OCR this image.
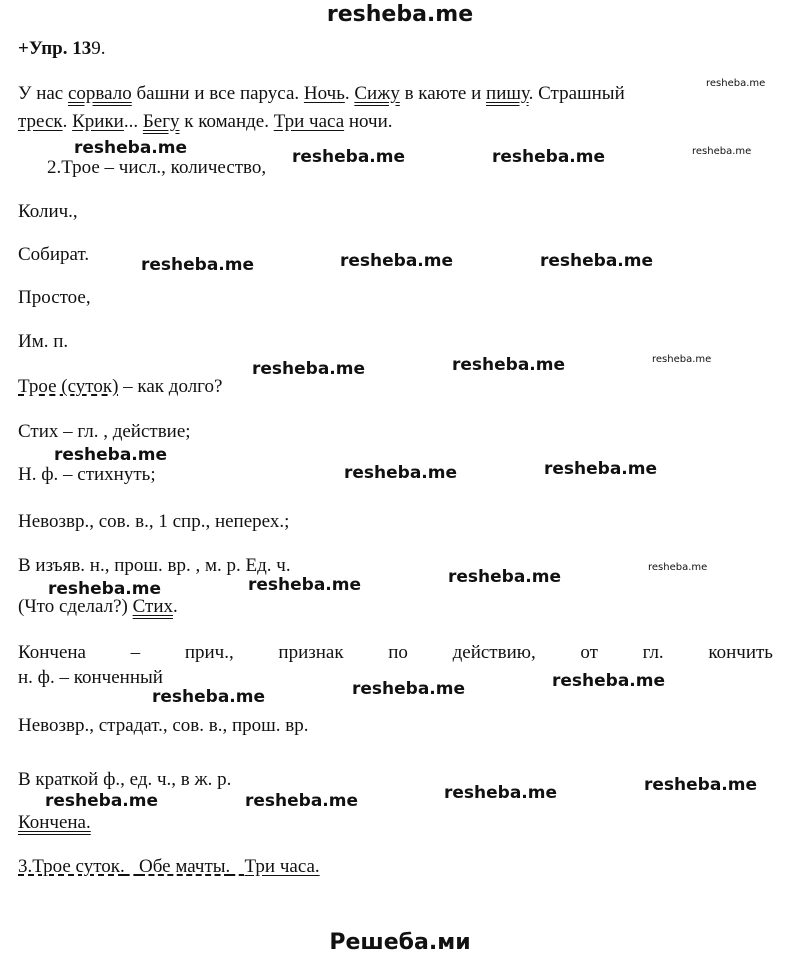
resheba.me
+Упр. 139.
У нас сорвало башни и все паруса. Ночь. Сижу в каюте и пишу. Страшный
треск. Крики... Бегу к команде. Три часа ночи.
2.Трое – числ., количество,
Колич.,
Собират.
Простое,
Им. п.
Трое (суток) – как долго?
Стих – гл. , действие;
Н. ф. – стихнуть;
Невозвр., сов. в., 1 спр., неперех.;
В изъяв. н., прош. вр. , м. р. Ед. ч.
(Что сделал?) Стих.
Кончена – прич., признак по действию, от гл. кончить
н. ф. – конченный
Невозвр., страдат., сов. в., прош. вр.
В краткой ф., ед. ч., в ж. р.
Кончена.
3.Трое суток. Обе мачты. Три часа.
Решеба.ми
resheba.me
resheba.me	resheba.me	resheba.me	resheba.me
resheba.me	resheba.me	resheba.me
resheba.me	resheba.me	resheba.me
resheba.me
resheba.me	resheba.me
resheba.me	resheba.me	resheba.me	resheba.me
resheba.me	resheba.me	resheba.me
resheba.me	resheba.me	resheba.me	resheba.me
